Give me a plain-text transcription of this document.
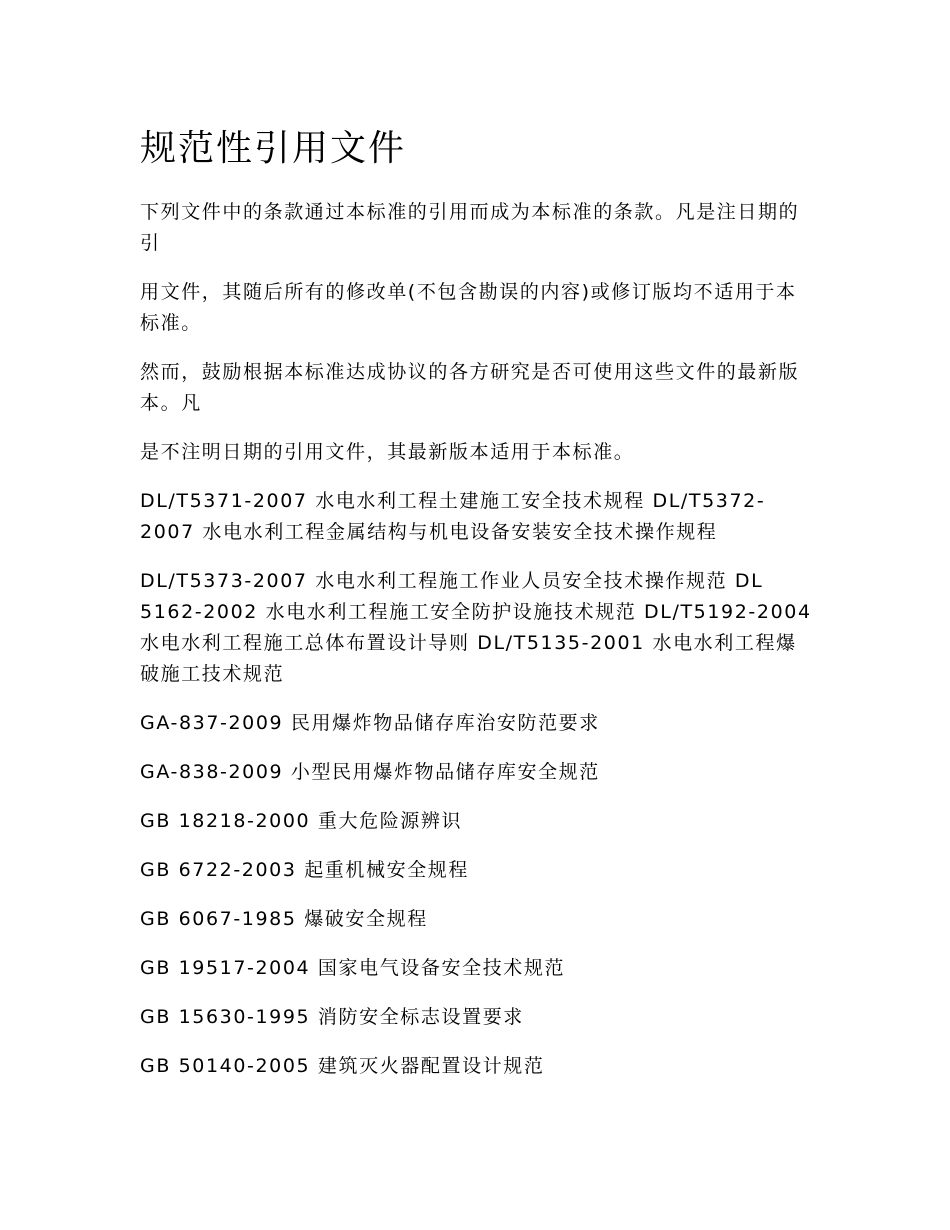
规范性引用文件

下列文件中的条款通过本标准的引用而成为本标准的条款。凡是注日期的引

用文件，其随后所有的修改单(不包含勘误的内容)或修订版均不适用于本标准。

然而，鼓励根据本标准达成协议的各方研究是否可使用这些文件的最新版本。凡

是不注明日期的引用文件，其最新版本适用于本标准。

DL/T5371-2007 水电水利工程土建施工安全技术规程 DL/T5372-2007 水电水利工程金属结构与机电设备安装安全技术操作规程

DL/T5373-2007 水电水利工程施工作业人员安全技术操作规范 DL 5162-2002 水电水利工程施工安全防护设施技术规范 DL/T5192-2004 水电水利工程施工总体布置设计导则 DL/T5135-2001 水电水利工程爆破施工技术规范

GA-837-2009 民用爆炸物品储存库治安防范要求

GA-838-2009 小型民用爆炸物品储存库安全规范

GB 18218-2000 重大危险源辨识

GB 6722-2003 起重机械安全规程

GB 6067-1985 爆破安全规程

GB 19517-2004 国家电气设备安全技术规范

GB 15630-1995 消防安全标志设置要求

GB 50140-2005 建筑灭火器配置设计规范
